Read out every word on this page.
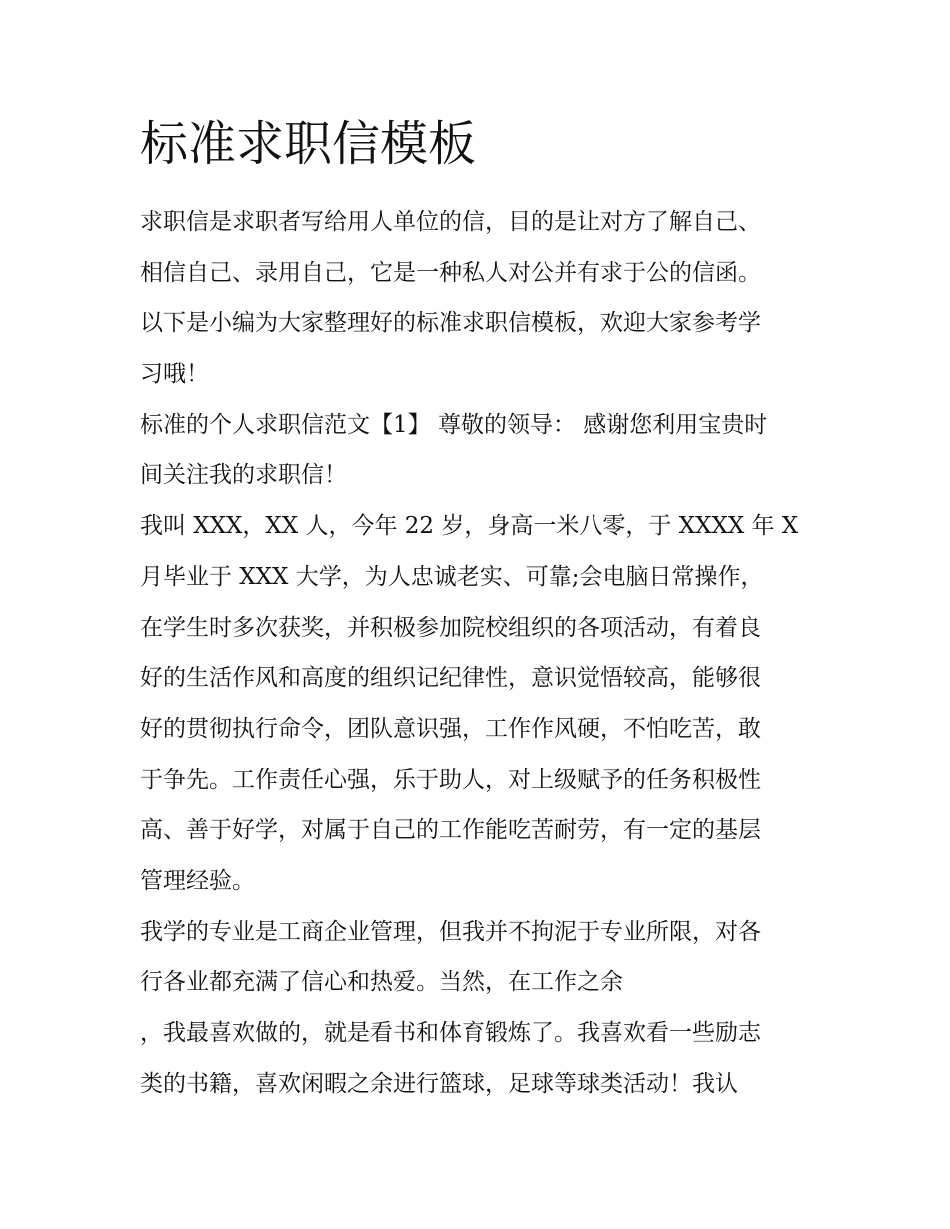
标准求职信模板
求职信是求职者写给用人单位的信，目的是让对方了解自己、
相信自己、录用自己，它是一种私人对公并有求于公的信函。
以下是小编为大家整理好的标准求职信模板，欢迎大家参考学
习哦！
标准的个人求职信范文【1】 尊敬的领导： 感谢您利用宝贵时
间关注我的求职信！
我叫 XXX，XX 人，今年 22 岁，身高一米八零，于 XXXX 年 X
月毕业于 XXX 大学，为人忠诚老实、可靠;会电脑日常操作，
在学生时多次获奖，并积极参加院校组织的各项活动，有着良
好的生活作风和高度的组织记纪律性，意识觉悟较高，能够很
好的贯彻执行命令，团队意识强，工作作风硬，不怕吃苦，敢
于争先。工作责任心强，乐于助人，对上级赋予的任务积极性
高、善于好学，对属于自己的工作能吃苦耐劳，有一定的基层
管理经验。
我学的专业是工商企业管理，但我并不拘泥于专业所限，对各
行各业都充满了信心和热爱。当然，在工作之余
，我最喜欢做的，就是看书和体育锻炼了。我喜欢看一些励志
类的书籍，喜欢闲暇之余进行篮球，足球等球类活动！我认
